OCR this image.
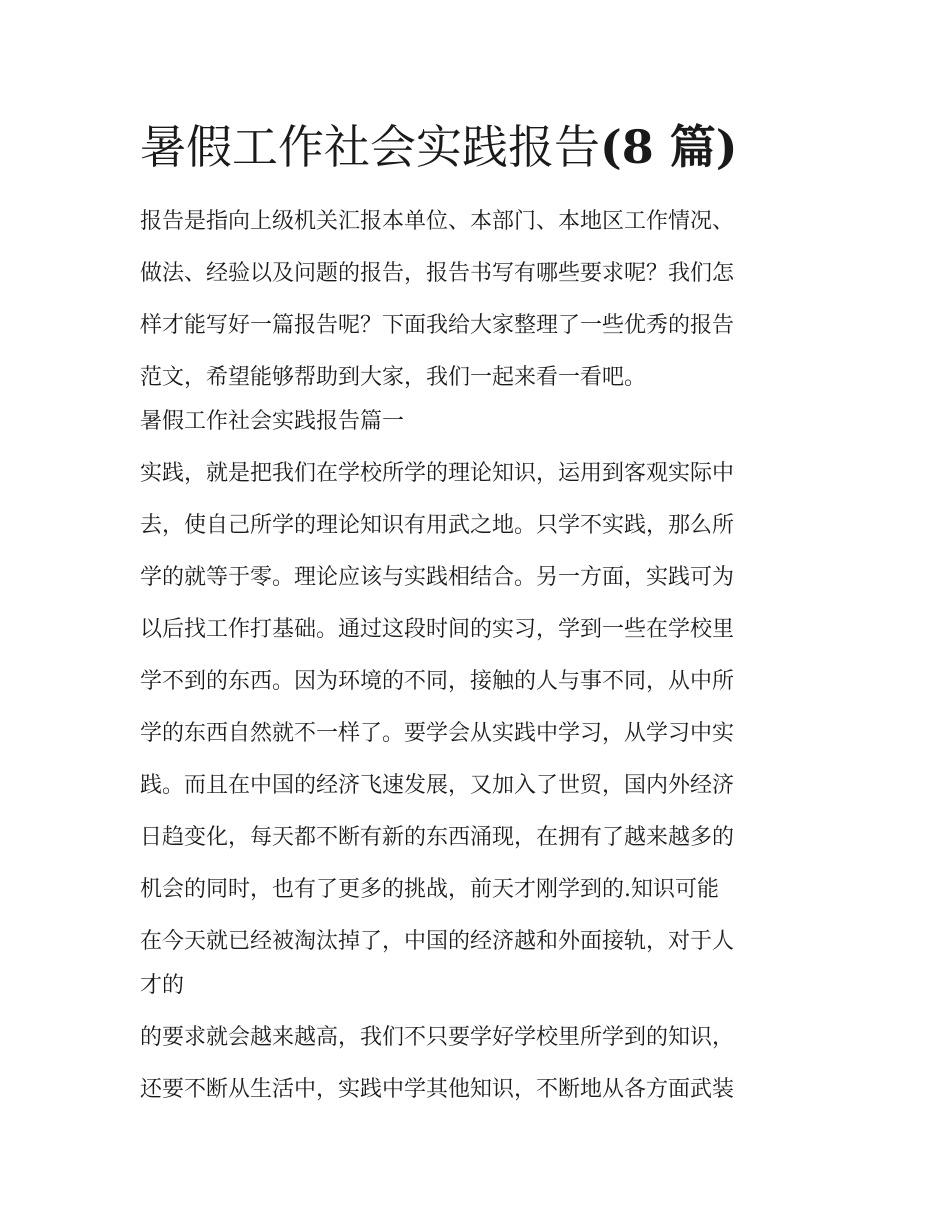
暑假工作社会实践报告(8 篇)
报告是指向上级机关汇报本单位、本部门、本地区工作情况、
做法、经验以及问题的报告，报告书写有哪些要求呢？我们怎
样才能写好一篇报告呢？下面我给大家整理了一些优秀的报告
范文，希望能够帮助到大家，我们一起来看一看吧。
暑假工作社会实践报告篇一
实践，就是把我们在学校所学的理论知识，运用到客观实际中
去，使自己所学的理论知识有用武之地。只学不实践，那么所
学的就等于零。理论应该与实践相结合。另一方面，实践可为
以后找工作打基础。通过这段时间的实习，学到一些在学校里
学不到的东西。因为环境的不同，接触的人与事不同，从中所
学的东西自然就不一样了。要学会从实践中学习，从学习中实
践。而且在中国的经济飞速发展，又加入了世贸，国内外经济
日趋变化，每天都不断有新的东西涌现，在拥有了越来越多的
机会的同时，也有了更多的挑战，前天才刚学到的.知识可能
在今天就已经被淘汰掉了，中国的经济越和外面接轨，对于人
才的
的要求就会越来越高，我们不只要学好学校里所学到的知识，
还要不断从生活中，实践中学其他知识，不断地从各方面武装
